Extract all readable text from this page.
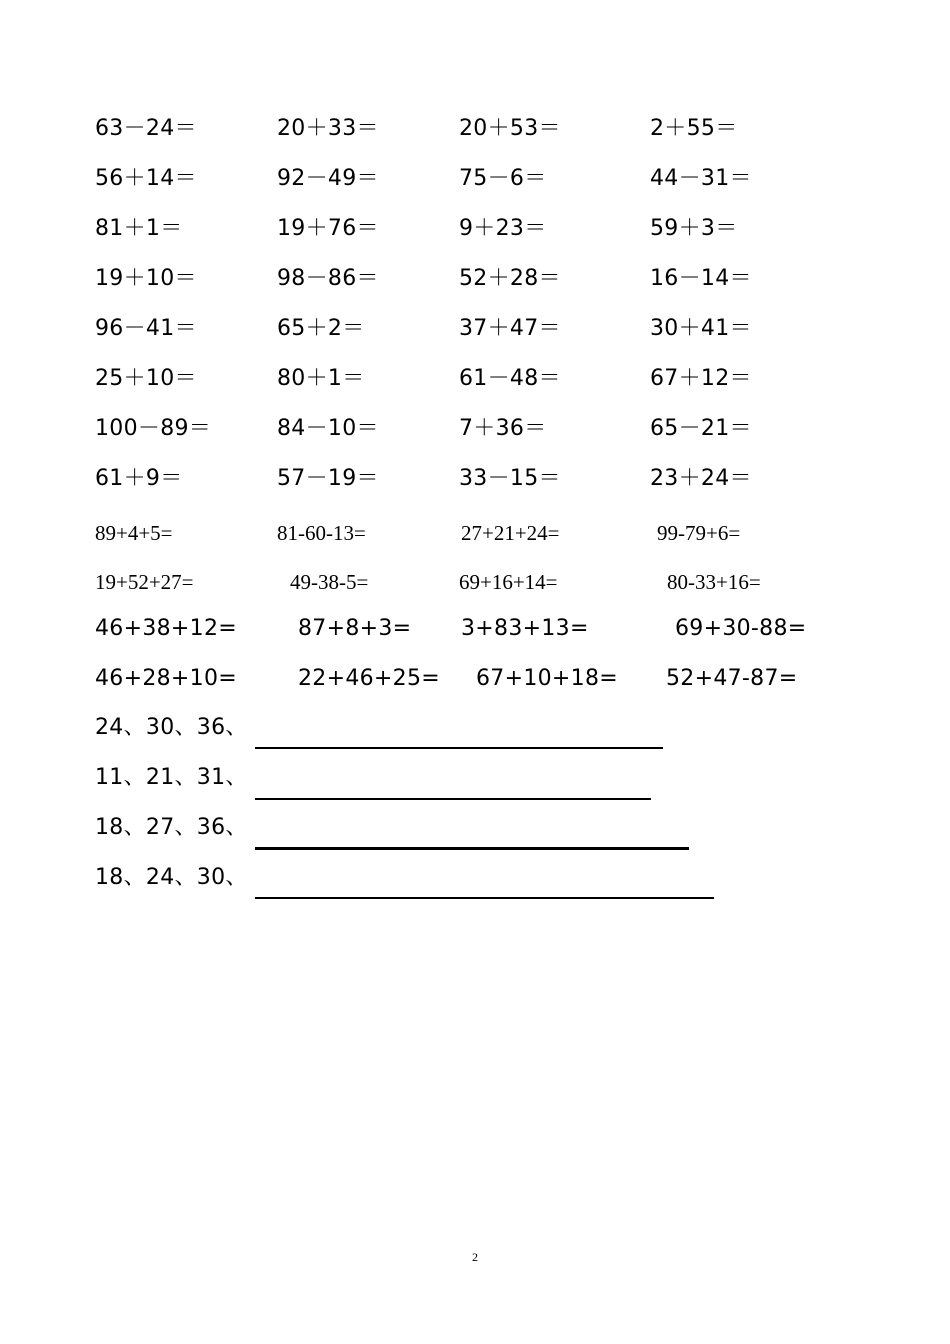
63－24＝	20＋33＝	20＋53＝	2＋55＝
56＋14＝	92－49＝	75－6＝	44－31＝
81＋1＝	19＋76＝	9＋23＝	59＋3＝
19＋10＝	98－86＝	52＋28＝	16－14＝
96－41＝	65＋2＝	37＋47＝	30＋41＝
25＋10＝	80＋1＝	61－48＝	67＋12＝
100－89＝	84－10＝	7＋36＝	65－21＝
61＋9＝	57－19＝	33－15＝	23＋24＝
89+4+5=	81-60-13=	27+21+24=	99-79+6=
19+52+27=	49-38-5=	69+16+14=	80-33+16=
46+38+12=	87+8+3= 3+83+13=	69+30-88=
46+28+10=	22+46+25= 67+10+18= 52+47-87=
24、30、36、
11、21、31、
18、27、36、
18、24、30、
2
